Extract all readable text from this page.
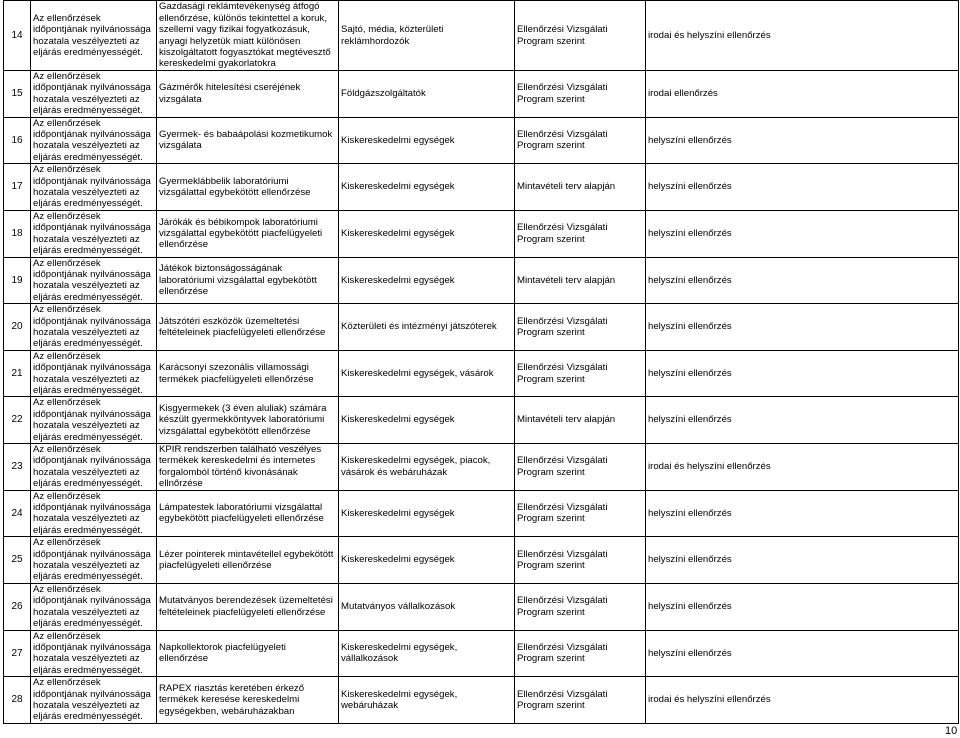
14	Az ellenőrzések időpontjának nyilvánossága hozatala veszélyezteti az eljárás eredményességét.	Gazdasági reklámtevékenység átfogó ellenőrzése, különös tekintettel a koruk, szellemi vagy fizikai fogyatkozásuk, anyagi helyzetük miatt különösen kiszolgáltatott fogyasztókat megtévesztő kereskedelmi gyakorlatokra	Sajtó, média, közterületi reklámhordozók	Ellenőrzési Vizsgálati Program szerint	irodai és helyszíni ellenőrzés
15	Az ellenőrzések időpontjának nyilvánossága hozatala veszélyezteti az eljárás eredményességét.	Gázmérők hitelesítési cseréjének vizsgálata	Földgázszolgáltatók	Ellenőrzési Vizsgálati Program szerint	irodai ellenőrzés
16	Az ellenőrzések időpontjának nyilvánossága hozatala veszélyezteti az eljárás eredményességét.	Gyermek- és babaápolási kozmetikumok vizsgálata	Kiskereskedelmi egységek	Ellenőrzési Vizsgálati Program szerint	helyszíni ellenőrzés
17	Az ellenőrzések időpontjának nyilvánossága hozatala veszélyezteti az eljárás eredményességét.	Gyermeklábbelik laboratóriumi vizsgálattal egybekötött ellenőrzése	Kiskereskedelmi egységek	Mintavételi terv alapján	helyszíni ellenőrzés
18	Az ellenőrzések időpontjának nyilvánossága hozatala veszélyezteti az eljárás eredményességét.	Járókák és bébikompok laboratóriumi vizsgálattal egybekötött piacfelügyeleti ellenőrzése	Kiskereskedelmi egységek	Ellenőrzési Vizsgálati Program szerint	helyszíni ellenőrzés
19	Az ellenőrzések időpontjának nyilvánossága hozatala veszélyezteti az eljárás eredményességét.	Játékok biztonságosságának laboratóriumi vizsgálattal egybekötött ellenőrzése	Kiskereskedelmi egységek	Mintavételi terv alapján	helyszíni ellenőrzés
20	Az ellenőrzések időpontjának nyilvánossága hozatala veszélyezteti az eljárás eredményességét.	Játszótéri eszközök üzemeltetési feltételeinek piacfelügyeleti ellenőrzése	Közterületi és intézményi játszóterek	Ellenőrzési Vizsgálati Program szerint	helyszíni ellenőrzés
21	Az ellenőrzések időpontjának nyilvánossága hozatala veszélyezteti az eljárás eredményességét.	Karácsonyi szezonális villamossági termékek piacfelügyeleti ellenőrzése	Kiskereskedelmi egységek, vásárok	Ellenőrzési Vizsgálati Program szerint	helyszíni ellenőrzés
22	Az ellenőrzések időpontjának nyilvánossága hozatala veszélyezteti az eljárás eredményességét.	Kisgyermekek (3 éven aluliak) számára készült gyermekköntyvek laboratóriumi vizsgálattal egybekötött ellenőrzése	Kiskereskedelmi egységek	Mintavételi terv alapján	helyszíni ellenőrzés
23	Az ellenőrzések időpontjának nyilvánossága hozatala veszélyezteti az eljárás eredményességét.	KPIR rendszerben található veszélyes termékek kereskedelmi és internetes forgalomból történő kivonásának ellnőrzése	Kiskereskedelmi egységek, piacok, vásárok és webáruházak	Ellenőrzési Vizsgálati Program szerint	irodai és helyszíni ellenőrzés
24	Az ellenőrzések időpontjának nyilvánossága hozatala veszélyezteti az eljárás eredményességét.	Lámpatestek laboratóriumi vizsgálattal egybekötött piacfelügyeleti ellenőrzése	Kiskereskedelmi egységek	Ellenőrzési Vizsgálati Program szerint	helyszíni ellenőrzés
25	Az ellenőrzések időpontjának nyilvánossága hozatala veszélyezteti az eljárás eredményességét.	Lézer pointerek mintavétellel egybekötött piacfelügyeleti ellenőrzése	Kiskereskedelmi egységek	Ellenőrzési Vizsgálati Program szerint	helyszíni ellenőrzés
26	Az ellenőrzések időpontjának nyilvánossága hozatala veszélyezteti az eljárás eredményességét.	Mutatványos berendezések üzemeltetési feltételeinek piacfelügyeleti ellenőrzése	Mutatványos vállalkozások	Ellenőrzési Vizsgálati Program szerint	helyszíni ellenőrzés
27	Az ellenőrzések időpontjának nyilvánossága hozatala veszélyezteti az eljárás eredményességét.	Napkollektorok piacfelügyeleti ellenőrzése	Kiskereskedelmi egységek, vállalkozások	Ellenőrzési Vizsgálati Program szerint	helyszíni ellenőrzés
28	Az ellenőrzések időpontjának nyilvánossága hozatala veszélyezteti az eljárás eredményességét.	RAPEX riasztás keretében érkező termékek keresése kereskedelmi egységekben, webáruházakban	Kiskereskedelmi egységek, webáruházak	Ellenőrzési Vizsgálati Program szerint	irodai és helyszíni ellenőrzés
10
